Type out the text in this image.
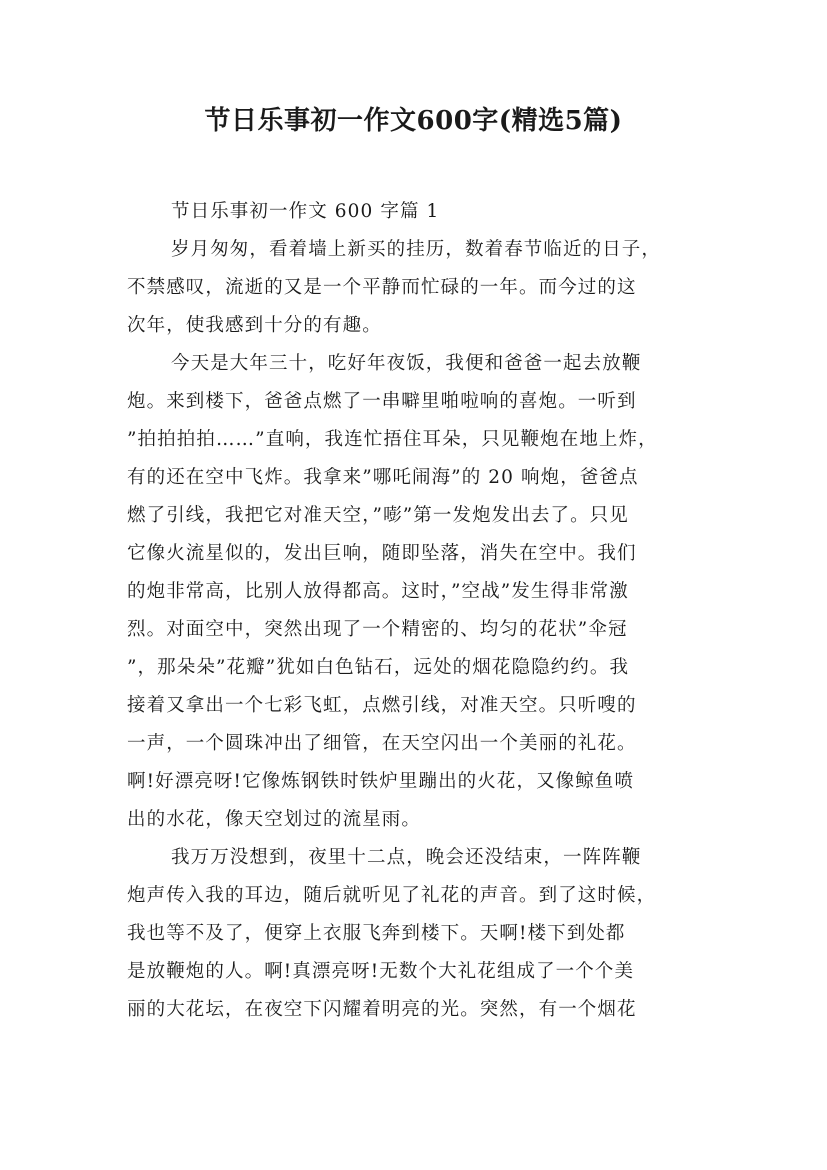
节日乐事初一作文600字(精选5篇)
节日乐事初一作文 600 字篇 1
岁月匆匆，看着墙上新买的挂历，数着春节临近的日子，
不禁感叹，流逝的又是一个平静而忙碌的一年。而今过的这
次年，使我感到十分的有趣。
今天是大年三十，吃好年夜饭，我便和爸爸一起去放鞭
炮。来到楼下，爸爸点燃了一串噼里啪啦响的喜炮。一听到
”拍拍拍拍……”直响，我连忙捂住耳朵，只见鞭炮在地上炸，
有的还在空中飞炸。我拿来”哪吒闹海”的 20 响炮，爸爸点
燃了引线，我把它对准天空，”嘭”第一发炮发出去了。只见
它像火流星似的，发出巨响，随即坠落，消失在空中。我们
的炮非常高，比别人放得都高。这时，”空战”发生得非常激
烈。对面空中，突然出现了一个精密的、均匀的花状”伞冠
”，那朵朵”花瓣”犹如白色钻石，远处的烟花隐隐约约。我
接着又拿出一个七彩飞虹，点燃引线，对准天空。只听嗖的
一声，一个圆珠冲出了细管，在天空闪出一个美丽的礼花。
啊!好漂亮呀!它像炼钢铁时铁炉里蹦出的火花，又像鲸鱼喷
出的水花，像天空划过的流星雨。
我万万没想到，夜里十二点，晚会还没结束，一阵阵鞭
炮声传入我的耳边，随后就听见了礼花的声音。到了这时候，
我也等不及了，便穿上衣服飞奔到楼下。天啊!楼下到处都
是放鞭炮的人。啊!真漂亮呀!无数个大礼花组成了一个个美
丽的大花坛，在夜空下闪耀着明亮的光。突然，有一个烟花
